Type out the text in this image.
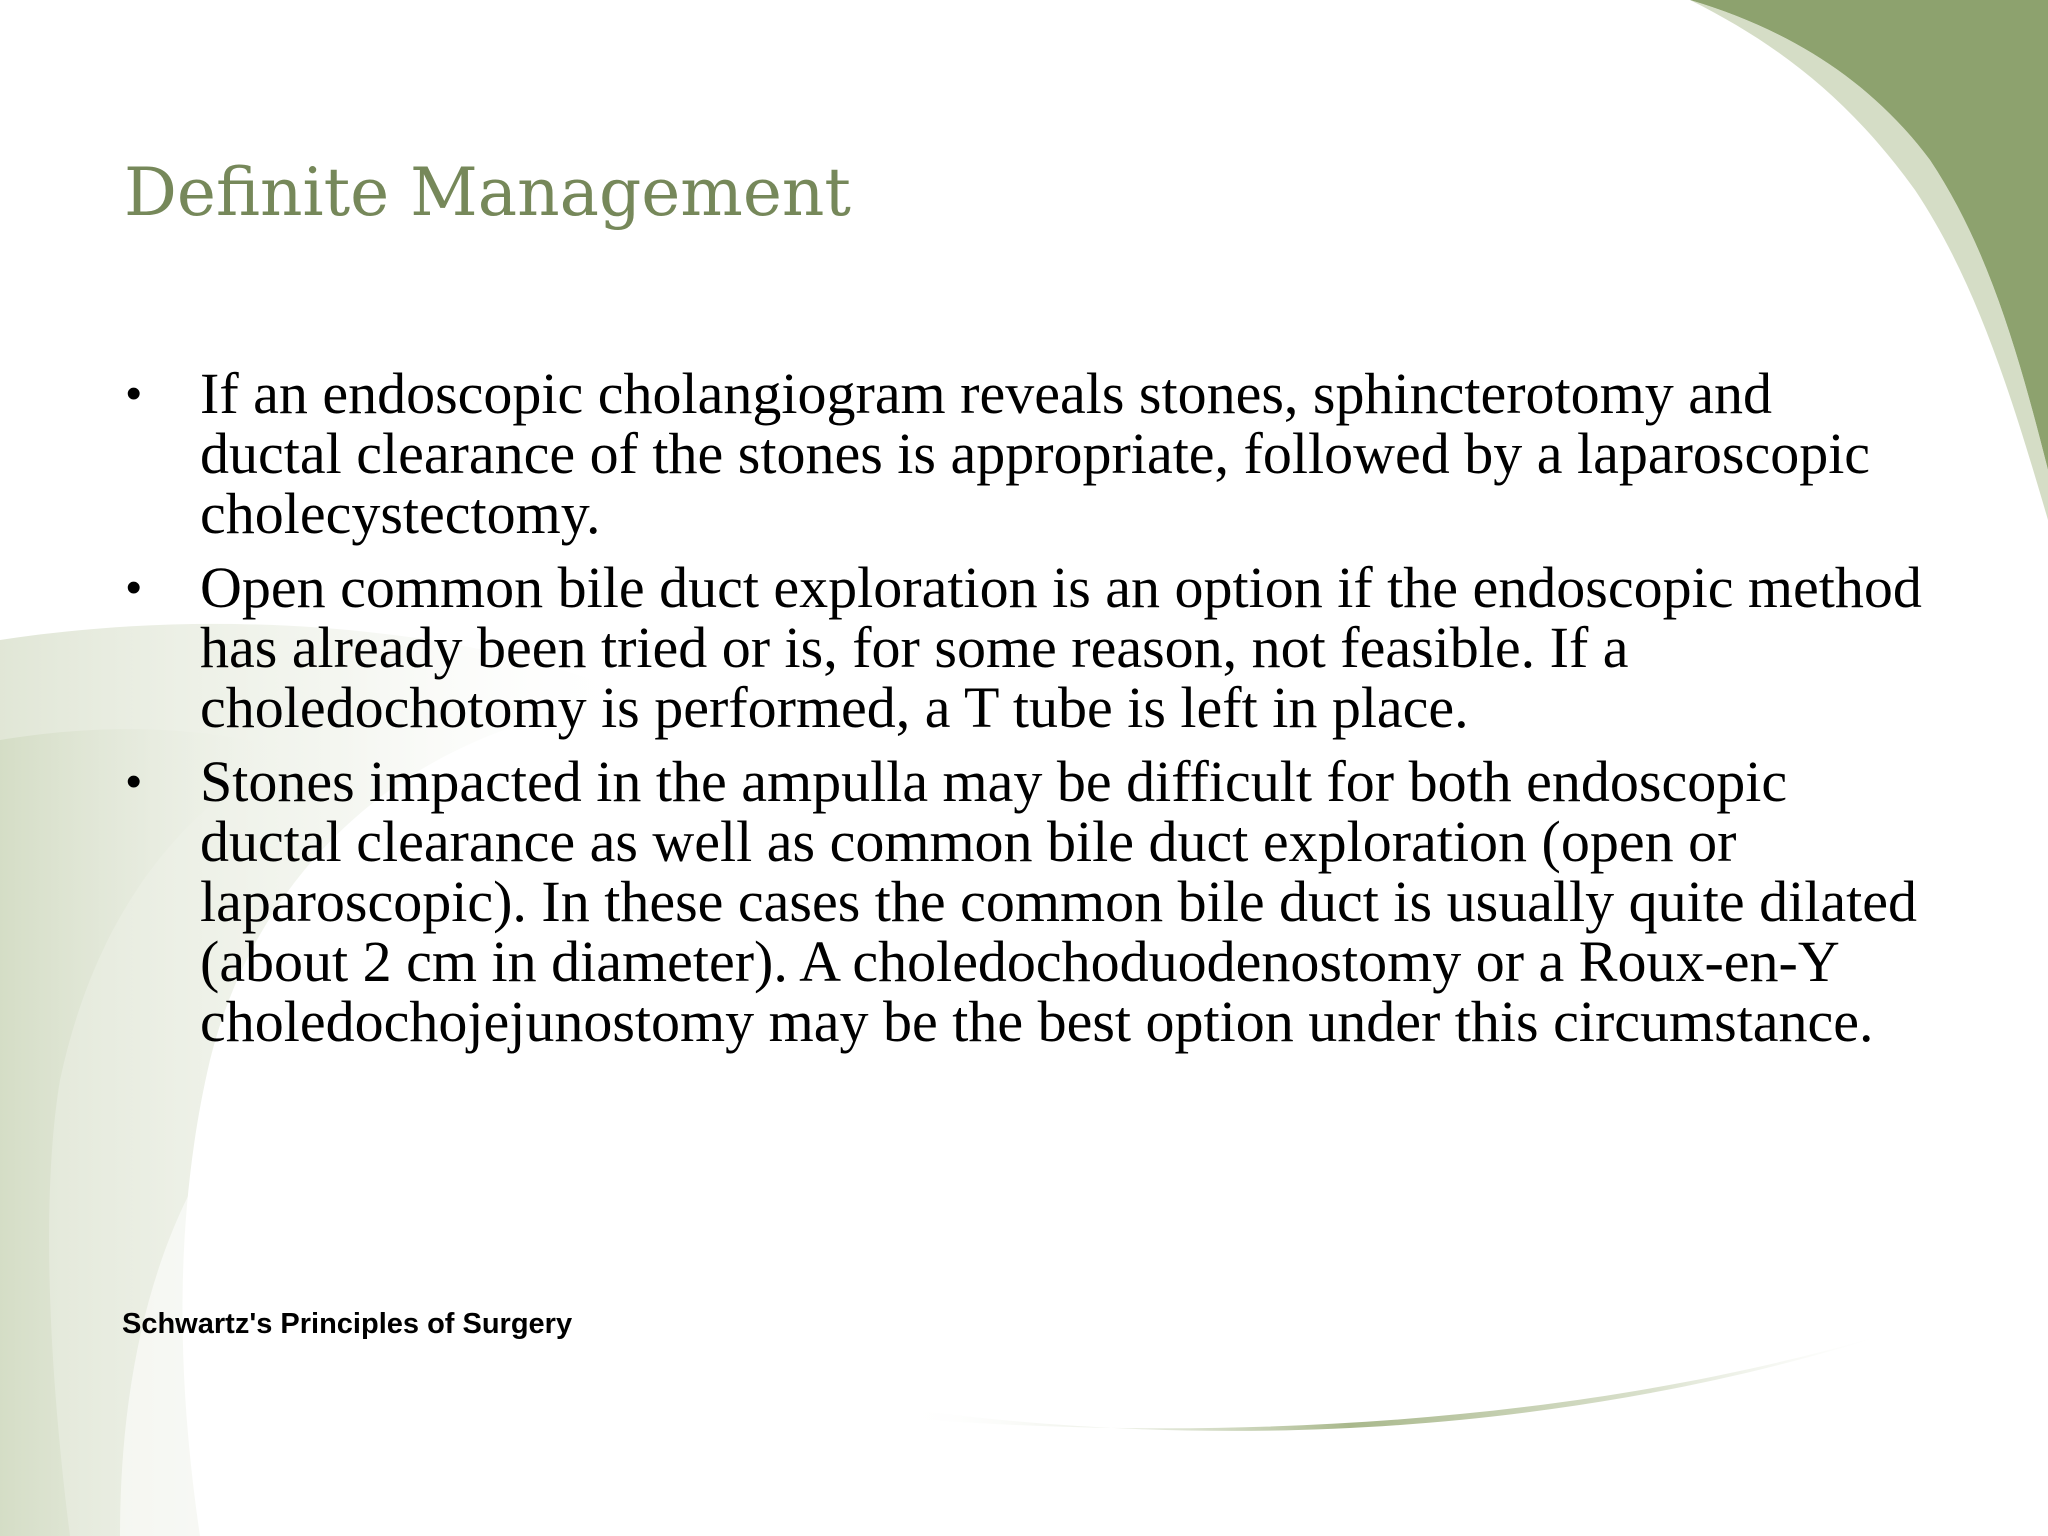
Definite Management
• If an endoscopic cholangiogram reveals stones, sphincterotomy and ductal clearance of the stones is appropriate, followed by a laparoscopic cholecystectomy.
• Open common bile duct exploration is an option if the endoscopic method has already been tried or is, for some reason, not feasible. If a choledochotomy is performed, a T tube is left in place.
• Stones impacted in the ampulla may be difficult for both endoscopic ductal clearance as well as common bile duct exploration (open or laparoscopic). In these cases the common bile duct is usually quite dilated (about 2 cm in diameter). A choledochoduodenostomy or a Roux-en-Y choledochojejunostomy may be the best option under this circumstance.

Schwartz's Principles of Surgery
